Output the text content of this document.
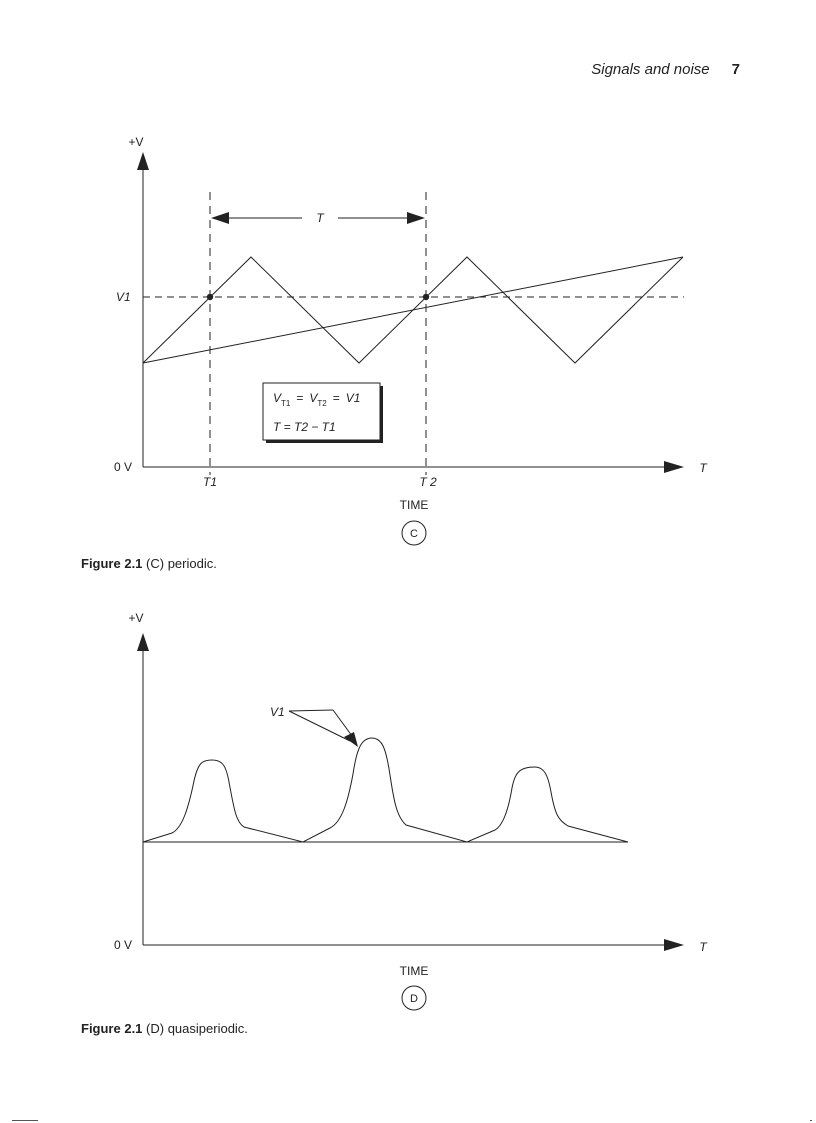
Signals and noise 7
+V
T
0 V
V1
T
$V_{T1} = V_{T2} = V1$
T = T2 − T1
T1	T 2
TIME
C
Figure 2.1 (C) periodic.
+V
T
0 V
V1
TIME
D
Figure 2.1 (D) quasiperiodic.
